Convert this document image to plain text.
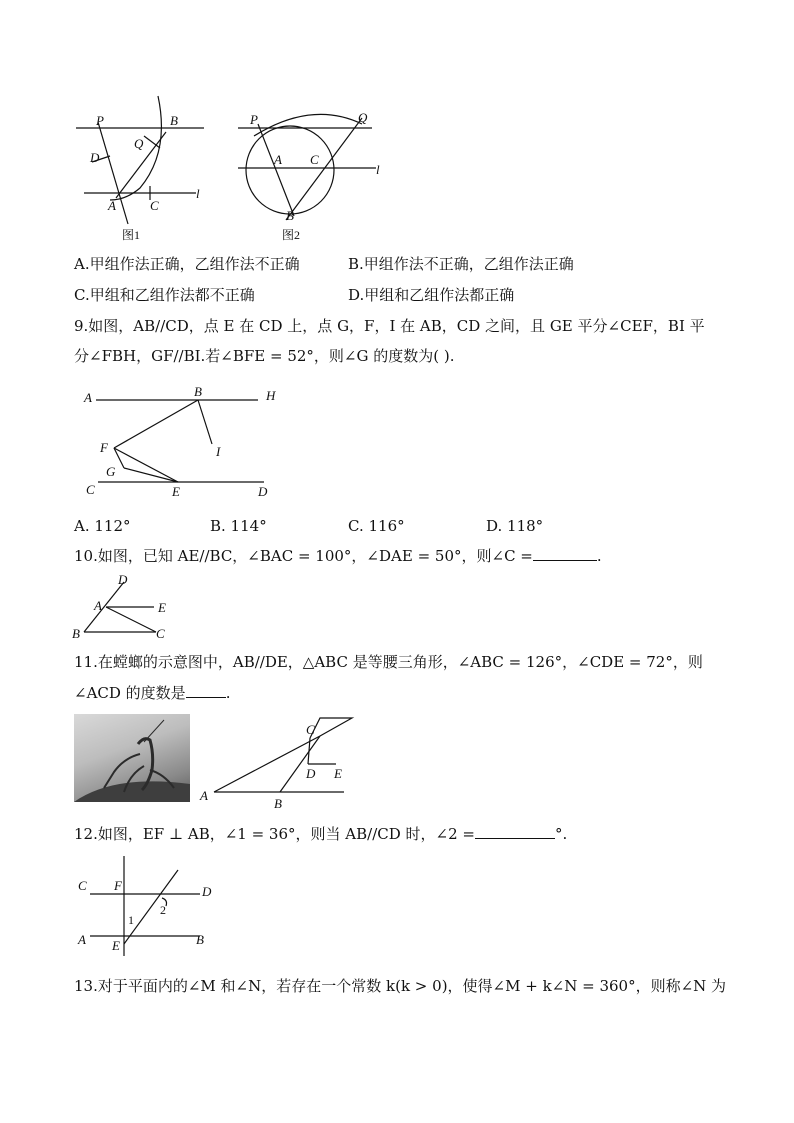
P	B
Q
D
A	C
l
图1
P	Q
A C
B
l
图2
A.甲组作法正确，乙组作法不正确	B.甲组作法不正确，乙组作法正确
C.甲组和乙组作法都不正确	D.甲组和乙组作法都正确
9.如图，AB//CD，点 E 在 CD 上，点 G，F，I 在 AB，CD 之间，且 GE 平分∠CEF，BI 平
分∠FBH，GF//BI.若∠BFE = 52°，则∠G 的度数为( ).
A	B	H
F	I
G
C	E	D
A. 112°	B. 114°	C. 116°	D. 118°
10.如图，已知 AE//BC，∠BAC = 100°，∠DAE = 50°，则∠C =	.
D
A	E
B	C
11.在螳螂的示意图中，AB//DE，△ABC 是等腰三角形，∠ABC = 126°，∠CDE = 72°，则
∠ACD 的度数是	.
C
D E
A
B
12.如图，EF ⊥ AB，∠1 = 36°，则当 AB//CD 时，∠2 =	°.
C F	D
1
2
A E	B
13.对于平面内的∠M 和∠N，若存在一个常数 k(k > 0)，使得∠M + k∠N = 360°，则称∠N 为
